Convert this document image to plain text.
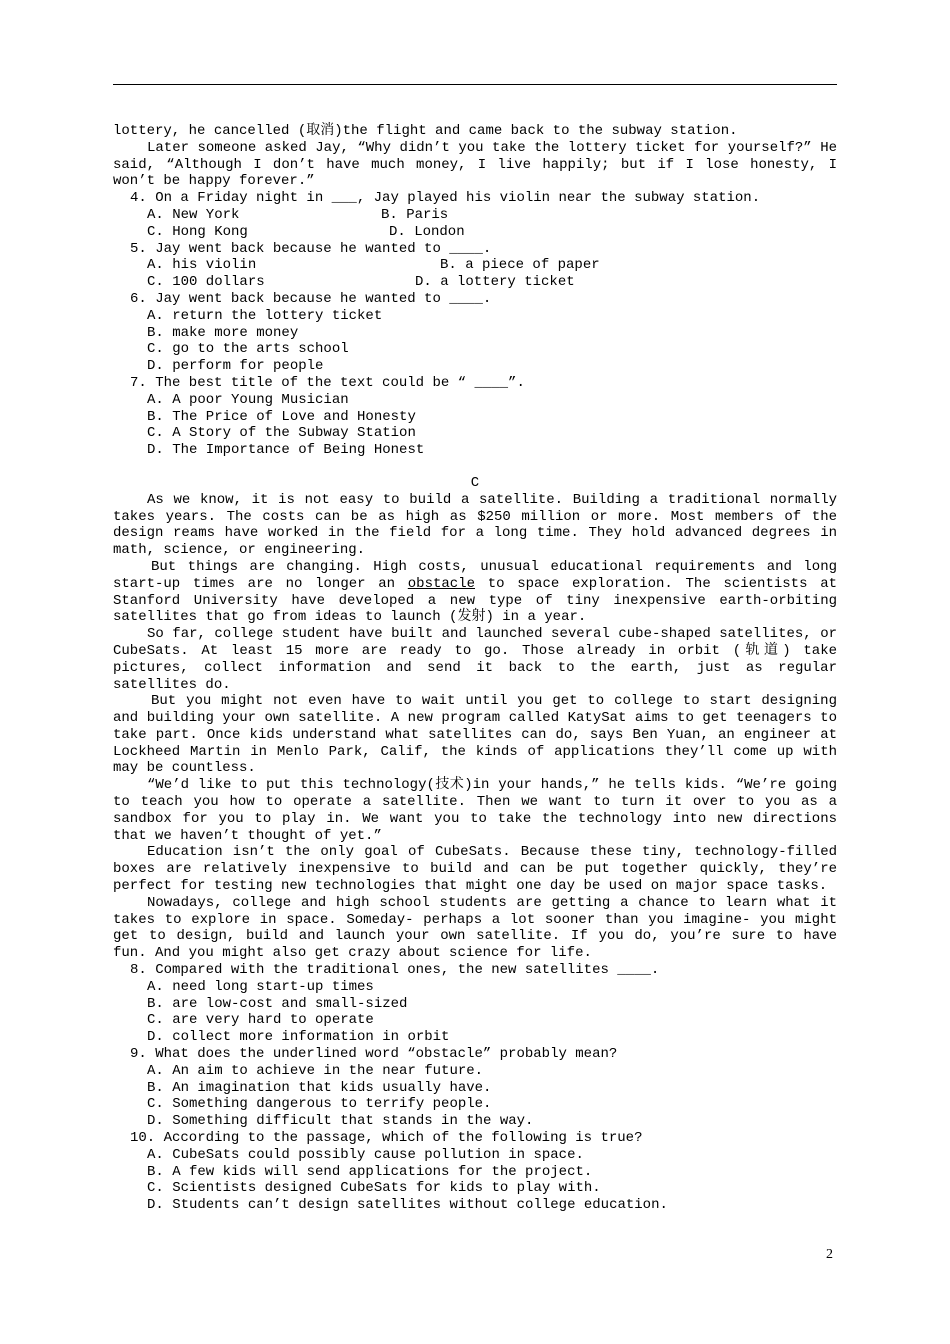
lottery, he cancelled (取消)the flight and came back to the subway station.

Later someone asked Jay, “Why didn’t you take the lottery ticket for yourself?” He said, “Although I don’t have much money, I live happily; but if I lose honesty, I won’t be happy forever.”

4. On a Friday night in ___, Jay played his violin near the subway station.

A. New York	B. Paris
C. Hong Kong	D. London

5. Jay went back because he wanted to ____.

A. his violin	B. a piece of paper
C. 100 dollars	D. a lottery ticket

6. Jay went back because he wanted to ____.

A. return the lottery ticket

B. make more money

C. go to the arts school

D. perform for people

7. The best title of the text could be “ ____”.

A. A poor Young Musician

B. The Price of Love and Honesty

C. A Story of the Subway Station

D. The Importance of Being Honest

C

As we know, it is not easy to build a satellite. Building a traditional normally takes years. The costs can be as high as $250 million or more. Most members of the design reams have worked in the field for a long time. They hold advanced degrees in math, science, or engineering.

But things are changing. High costs, unusual educational requirements and long start-up times are no longer an obstacle to space exploration. The scientists at Stanford University have developed a new type of tiny inexpensive earth-orbiting satellites that go from ideas to launch (发射) in a year.

So far, college student have built and launched several cube-shaped satellites, or CubeSats. At least 15 more are ready to go. Those already in orbit (轨道) take pictures, collect information and send it back to the earth, just as regular satellites do.

But you might not even have to wait until you get to college to start designing and building your own satellite. A new program called KatySat aims to get teenagers to take part. Once kids understand what satellites can do, says Ben Yuan, an engineer at Lockheed Martin in Menlo Park, Calif, the kinds of applications they’ll come up with may be countless.

“We’d like to put this technology(技术)in your hands,” he tells kids. “We’re going to teach you how to operate a satellite. Then we want to turn it over to you as a sandbox for you to play in. We want you to take the technology into new directions that we haven’t thought of yet.”

Education isn’t the only goal of CubeSats. Because these tiny, technology-filled boxes are relatively inexpensive to build and can be put together quickly, they’re perfect for testing new technologies that might one day be used on major space tasks.

Nowadays, college and high school students are getting a chance to learn what it takes to explore in space. Someday- perhaps a lot sooner than you imagine- you might get to design, build and launch your own satellite. If you do, you’re sure to have fun. And you might also get crazy about science for life.

8. Compared with the traditional ones, the new satellites ____.

A. need long start-up times

B. are low-cost and small-sized

C. are very hard to operate

D. collect more information in orbit

9. What does the underlined word “obstacle” probably mean?

A. An aim to achieve in the near future.

B. An imagination that kids usually have.

C. Something dangerous to terrify people.

D. Something difficult that stands in the way.

10. According to the passage, which of the following is true?

A. CubeSats could possibly cause pollution in space.

B. A few kids will send applications for the project.

C. Scientists designed CubeSats for kids to play with.

D. Students can’t design satellites without college education.

2
